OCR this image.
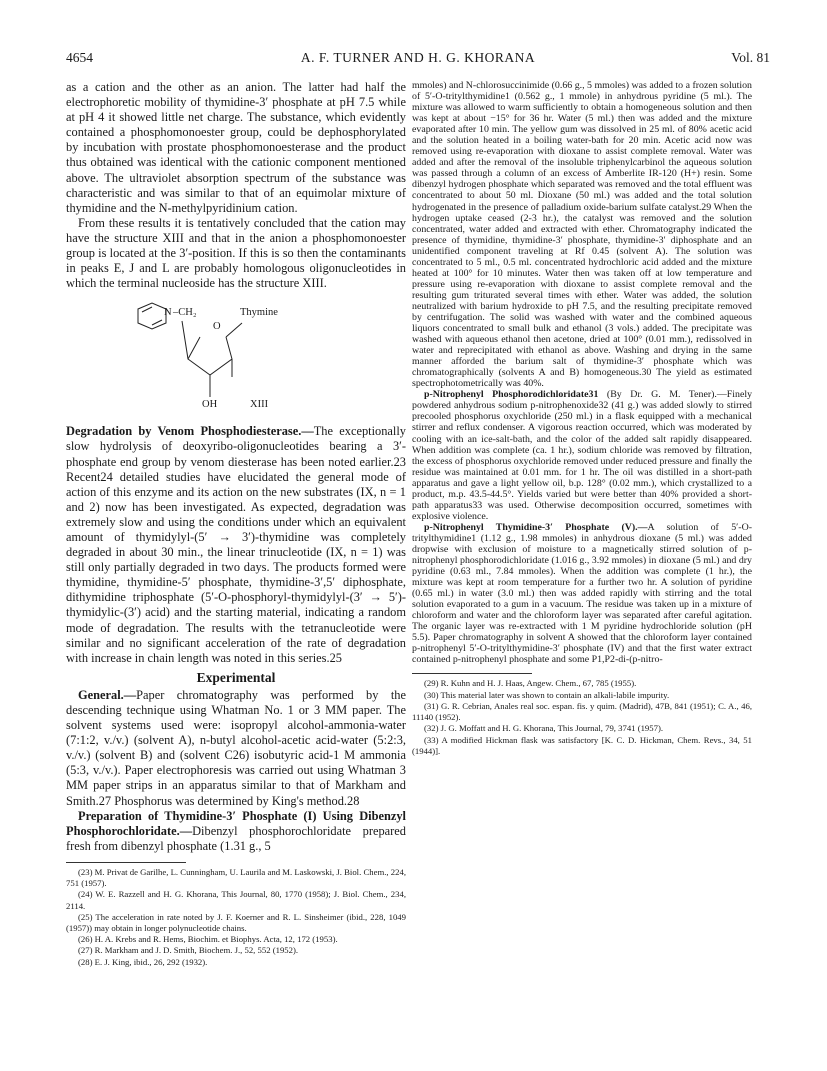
4654	A. F. TURNER AND H. G. KHORANA	Vol. 81

as a cation and the other as an anion. The latter had half the electrophoretic mobility of thymidine-3′ phosphate at pH 7.5 while at pH 4 it showed little net charge. The substance, which evidently contained a phosphomonoester group, could be dephosphorylated by incubation with prostate phosphomonoesterase and the product thus obtained was identical with the cationic component mentioned above. The ultraviolet absorption spectrum of the substance was characteristic and was similar to that of an equimolar mixture of thymidine and the N-methylpyridinium cation.

From these results it is tentatively concluded that the cation may have the structure XIII and that in the anion a phosphomonoester group is located at the 3′-position. If this is so then the contaminants in peaks E, J and L are probably homologous oligonucleotides in which the terminal nucleoside has the structure XIII.

N –CH₂
O
Thymine
OH	XIII

Degradation by Venom Phosphodiesterase.—The exceptionally slow hydrolysis of deoxyribo-oligonucleotides bearing a 3′-phosphate end group by venom diesterase has been noted earlier.23 Recent24 detailed studies have elucidated the general mode of action of this enzyme and its action on the new substrates (IX, n = 1 and 2) now has been investigated. As expected, degradation was extremely slow and using the conditions under which an equivalent amount of thymidylyl-(5′ → 3′)-thymidine was completely degraded in about 30 min., the linear trinucleotide (IX, n = 1) was still only partially degraded in two days. The products formed were thymidine, thymidine-5′ phosphate, thymidine-3′,5′ diphosphate, dithymidine triphosphate (5′-O-phosphoryl-thymidylyl-(3′ → 5′)-thymidylic-(3′) acid) and the starting material, indicating a random mode of degradation. The results with the tetranucleotide were similar and no significant acceleration of the rate of degradation with increase in chain length was noted in this series.25

Experimental

General.—Paper chromatography was performed by the descending technique using Whatman No. 1 or 3 MM paper. The solvent systems used were: isopropyl alcohol-ammonia-water (7:1:2, v./v.) (solvent A), n-butyl alcohol-acetic acid-water (5:2:3, v./v.) (solvent B) and (solvent C26) isobutyric acid-1 M ammonia (5:3, v./v.). Paper electrophoresis was carried out using Whatman 3 MM paper strips in an apparatus similar to that of Markham and Smith.27 Phosphorus was determined by King's method.28

Preparation of Thymidine-3′ Phosphate (I) Using Dibenzyl Phosphorochloridate.—Dibenzyl phosphorochloridate prepared fresh from dibenzyl phosphate (1.31 g., 5

(23) M. Privat de Garilhe, L. Cunningham, U. Laurila and M. Laskowski, J. Biol. Chem., 224, 751 (1957).

(24) W. E. Razzell and H. G. Khorana, This Journal, 80, 1770 (1958); J. Biol. Chem., 234, 2114.

(25) The acceleration in rate noted by J. F. Koerner and R. L. Sinsheimer (ibid., 228, 1049 (1957)) may obtain in longer polynucleotide chains.

(26) H. A. Krebs and R. Hems, Biochim. et Biophys. Acta, 12, 172 (1953).

(27) R. Markham and J. D. Smith, Biochem. J., 52, 552 (1952).

(28) E. J. King, ibid., 26, 292 (1932).

mmoles) and N-chlorosuccinimide (0.66 g., 5 mmoles) was added to a frozen solution of 5′-O-tritylthymidine1 (0.562 g., 1 mmole) in anhydrous pyridine (5 ml.). The mixture was allowed to warm sufficiently to obtain a homogeneous solution and then was kept at about −15° for 36 hr. Water (5 ml.) then was added and the mixture evaporated after 10 min. The yellow gum was dissolved in 25 ml. of 80% acetic acid and the solution heated in a boiling water-bath for 20 min. Acetic acid now was removed using re-evaporation with dioxane to assist complete removal. Water was added and after the removal of the insoluble triphenylcarbinol the aqueous solution was passed through a column of an excess of Amberlite IR-120 (H+) resin. Some dibenzyl hydrogen phosphate which separated was removed and the total effluent was concentrated to about 50 ml. Dioxane (50 ml.) was added and the total solution hydrogenated in the presence of palladium oxide-barium sulfate catalyst.29 When the hydrogen uptake ceased (2-3 hr.), the catalyst was removed and the solution concentrated, water added and extracted with ether. Chromatography indicated the presence of thymidine, thymidine-3′ phosphate, thymidine-3′ diphosphate and an unidentified component traveling at Rf 0.45 (solvent A). The solution was concentrated to 5 ml., 0.5 ml. concentrated hydrochloric acid added and the mixture heated at 100° for 10 minutes. Water then was taken off at low temperature and pressure using re-evaporation with dioxane to assist complete removal and the resulting gum triturated several times with ether. Water was added, the solution neutralized with barium hydroxide to pH 7.5, and the resulting precipitate removed by centrifugation. The solid was washed with water and the combined aqueous liquors concentrated to small bulk and ethanol (3 vols.) added. The precipitate was washed with aqueous ethanol then acetone, dried at 100° (0.01 mm.), redissolved in water and reprecipitated with ethanol as above. Washing and drying in the same manner afforded the barium salt of thymidine-3′ phosphate which was chromatographically (solvents A and B) homogeneous.30 The yield as estimated spectrophotometrically was 40%.

p-Nitrophenyl Phosphorodichloridate31 (By Dr. G. M. Tener).—Finely powdered anhydrous sodium p-nitrophenoxide32 (41 g.) was added slowly to stirred precooled phosphorus oxychloride (250 ml.) in a flask equipped with a mechanical stirrer and reflux condenser. A vigorous reaction occurred, which was moderated by cooling with an ice-salt-bath, and the color of the added salt rapidly disappeared. When addition was complete (ca. 1 hr.), sodium chloride was removed by filtration, the excess of phosphorus oxychloride removed under reduced pressure and finally the residue was maintained at 0.01 mm. for 1 hr. The oil was distilled in a short-path apparatus and gave a light yellow oil, b.p. 128° (0.02 mm.), which crystallized to a product, m.p. 43.5-44.5°. Yields varied but were better than 40% provided a short-path apparatus33 was used. Otherwise decomposition occurred, sometimes with explosive violence.

p-Nitrophenyl Thymidine-3′ Phosphate (V).—A solution of 5′-O-tritylthymidine1 (1.12 g., 1.98 mmoles) in anhydrous dioxane (5 ml.) was added dropwise with exclusion of moisture to a magnetically stirred solution of p-nitrophenyl phosphorodichloridate (1.016 g., 3.92 mmoles) in dioxane (5 ml.) and dry pyridine (0.63 ml., 7.84 mmoles). When the addition was complete (1 hr.), the mixture was kept at room temperature for a further two hr. A solution of pyridine (0.65 ml.) in water (3.0 ml.) then was added rapidly with stirring and the total solution evaporated to a gum in a vacuum. The residue was taken up in a mixture of chloroform and water and the chloroform layer was separated after careful agitation. The organic layer was re-extracted with 1 M pyridine hydrochloride solution (pH 5.5). Paper chromatography in solvent A showed that the chloroform layer contained p-nitrophenyl 5′-O-tritylthymidine-3′ phosphate (IV) and that the first water extract contained p-nitrophenyl phosphate and some P1,P2-di-(p-nitro-

(29) R. Kuhn and H. J. Haas, Angew. Chem., 67, 785 (1955).

(30) This material later was shown to contain an alkali-labile impurity.

(31) G. R. Cebrian, Anales real soc. espan. fis. y quim. (Madrid), 47B, 841 (1951); C. A., 46, 11140 (1952).

(32) J. G. Moffatt and H. G. Khorana, This Journal, 79, 3741 (1957).

(33) A modified Hickman flask was satisfactory [K. C. D. Hickman, Chem. Revs., 34, 51 (1944)].
